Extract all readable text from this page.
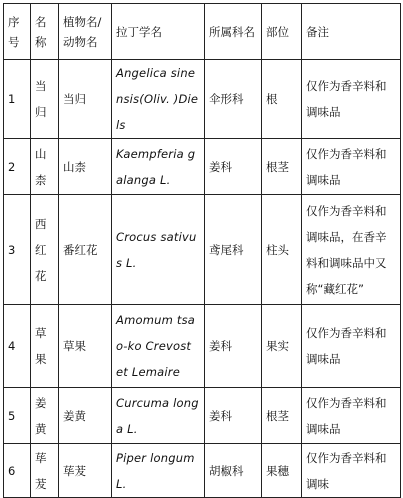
序号	名称	植物名/动物名	拉丁学名	所属科名	部位	备注
1	当归	当归	Angelica sinensis(Oliv. )Diels	伞形科	根	仅作为香辛料和调味品
2	山柰	山柰	Kaempferia galanga L.	姜科	根茎	仅作为香辛料和调味品
3	西红花	番红花	Crocus sativus L.	鸢尾科	柱头	仅作为香辛料和调味品，在香辛料和调味品中又称“藏红花”
4	草果	草果	Amomum tsao-ko Crevost et Lemaire	姜科	果实	仅作为香辛料和调味品
5	姜黄	姜黄	Curcuma longa L.	姜科	根茎	仅作为香辛料和调味品
6	荜茇	荜茇	Piper longum L.	胡椒科	果穗	仅作为香辛料和调味
